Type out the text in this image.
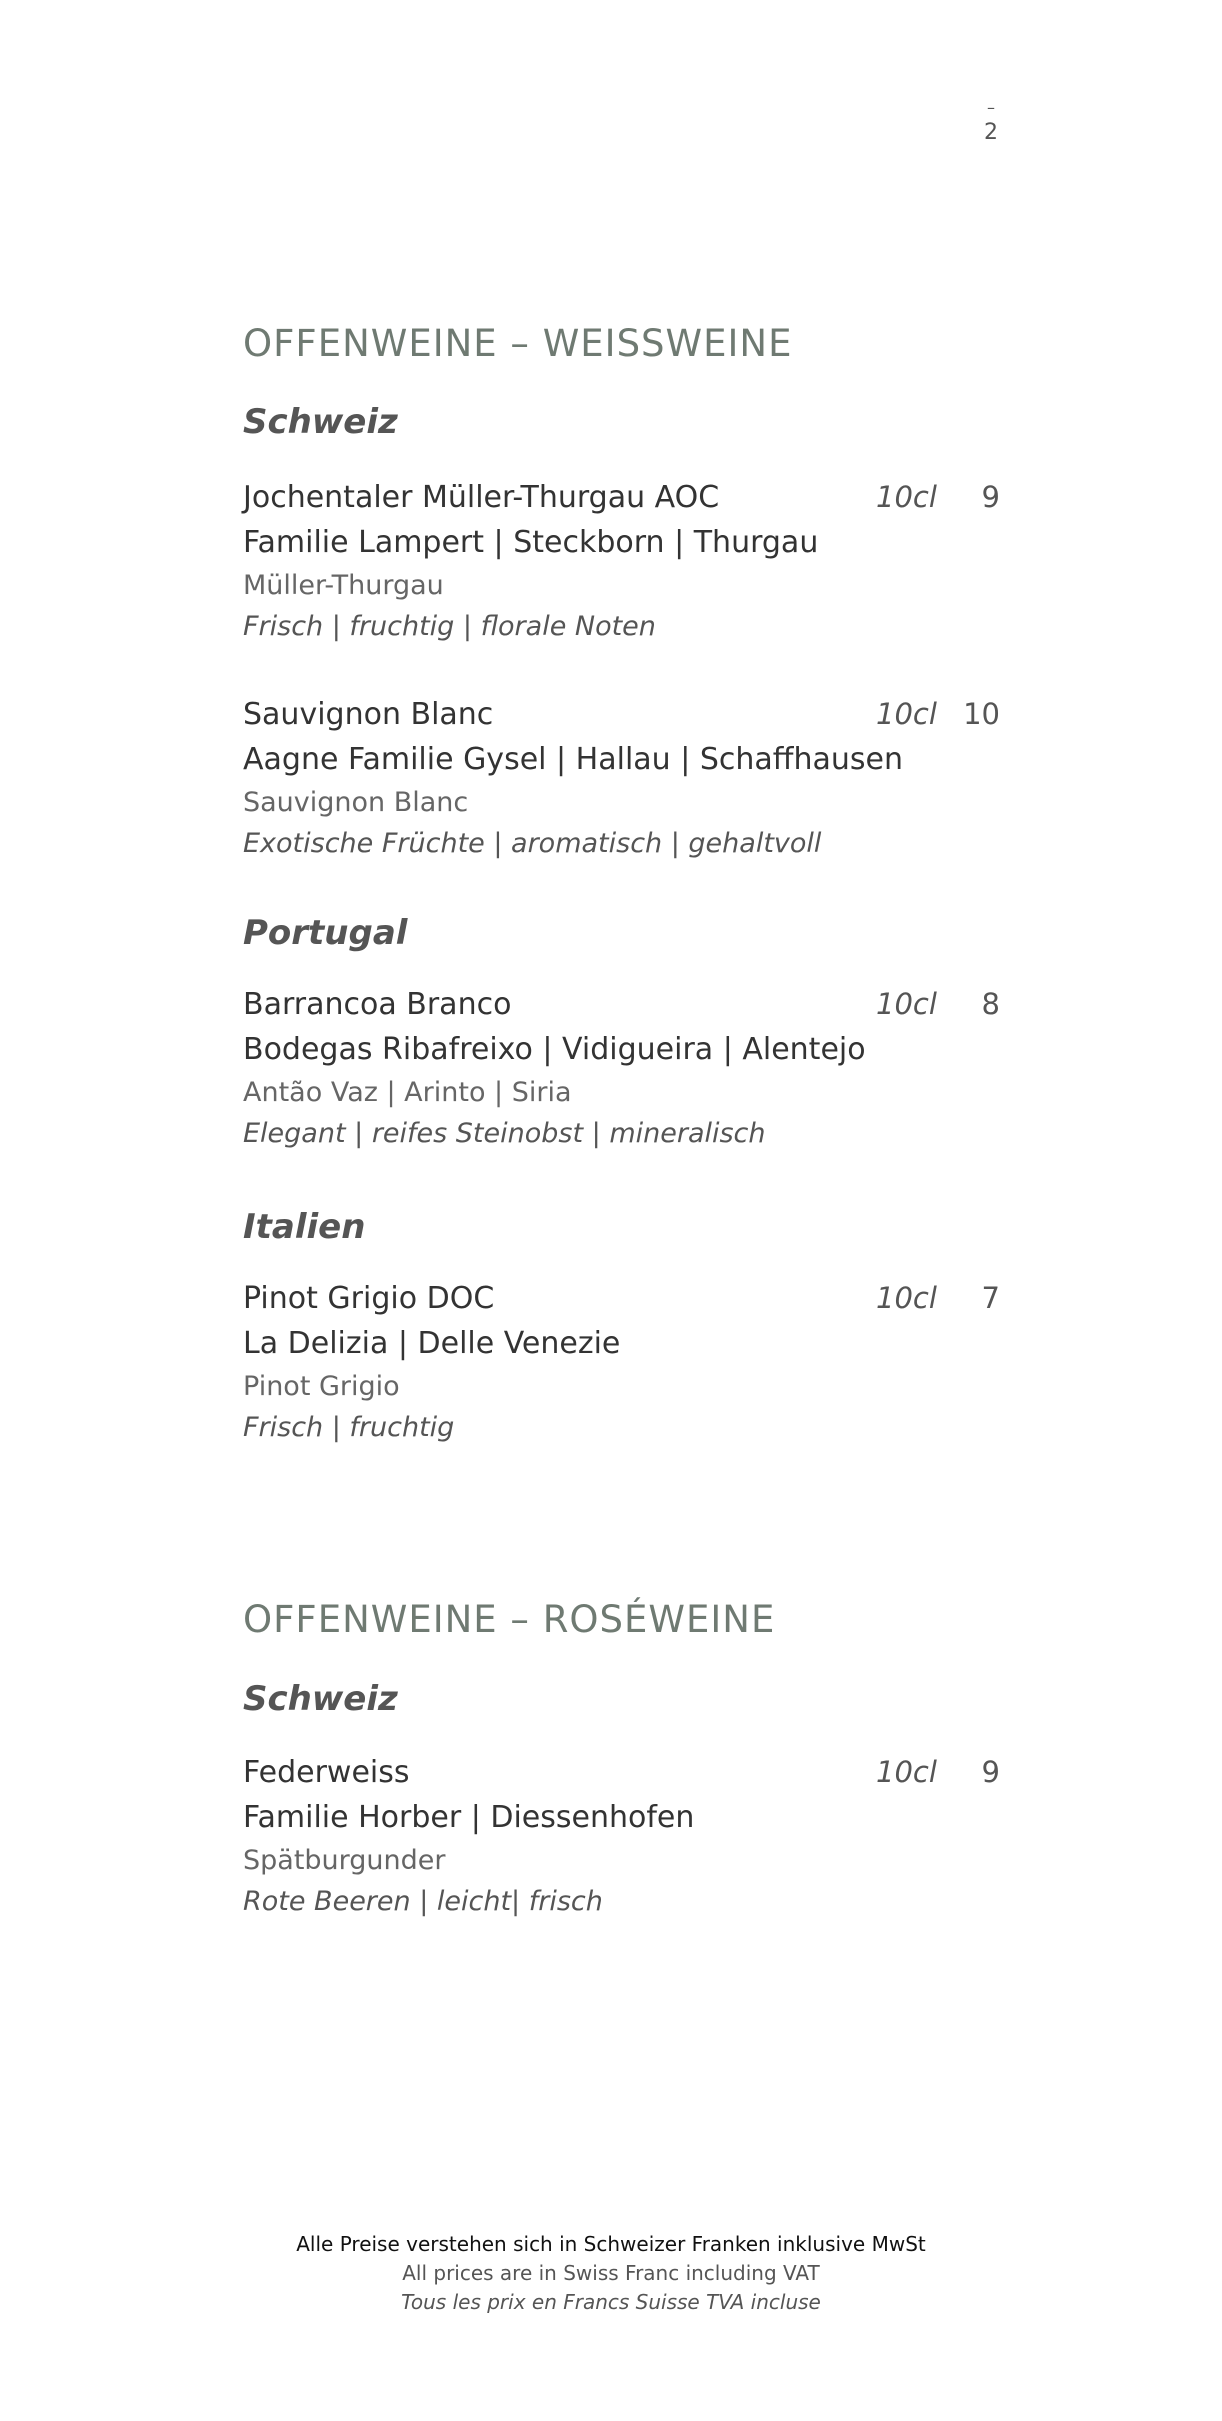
–
2
OFFENWEINE – WEISSWEINE
Schweiz
Jochentaler Müller-Thurgau AOC
Familie Lampert | Steckborn | Thurgau
Müller-Thurgau
Frisch | fruchtig | florale Noten
10cl 9
Sauvignon Blanc
Aagne Familie Gysel | Hallau | Schaffhausen
Sauvignon Blanc
Exotische Früchte | aromatisch | gehaltvoll
10cl 10
Portugal
Barrancoa Branco
Bodegas Ribafreixo | Vidigueira | Alentejo
Antão Vaz | Arinto | Siria
Elegant | reifes Steinobst | mineralisch
10cl 8
Italien
Pinot Grigio DOC
La Delizia | Delle Venezie
Pinot Grigio
Frisch | fruchtig
10cl 7
OFFENWEINE – ROSÉWEINE
Schweiz
Federweiss
Familie Horber | Diessenhofen
Spätburgunder
Rote Beeren | leicht| frisch
10cl 9
Alle Preise verstehen sich in Schweizer Franken inklusive MwSt
All prices are in Swiss Franc including VAT
Tous les prix en Francs Suisse TVA incluse
